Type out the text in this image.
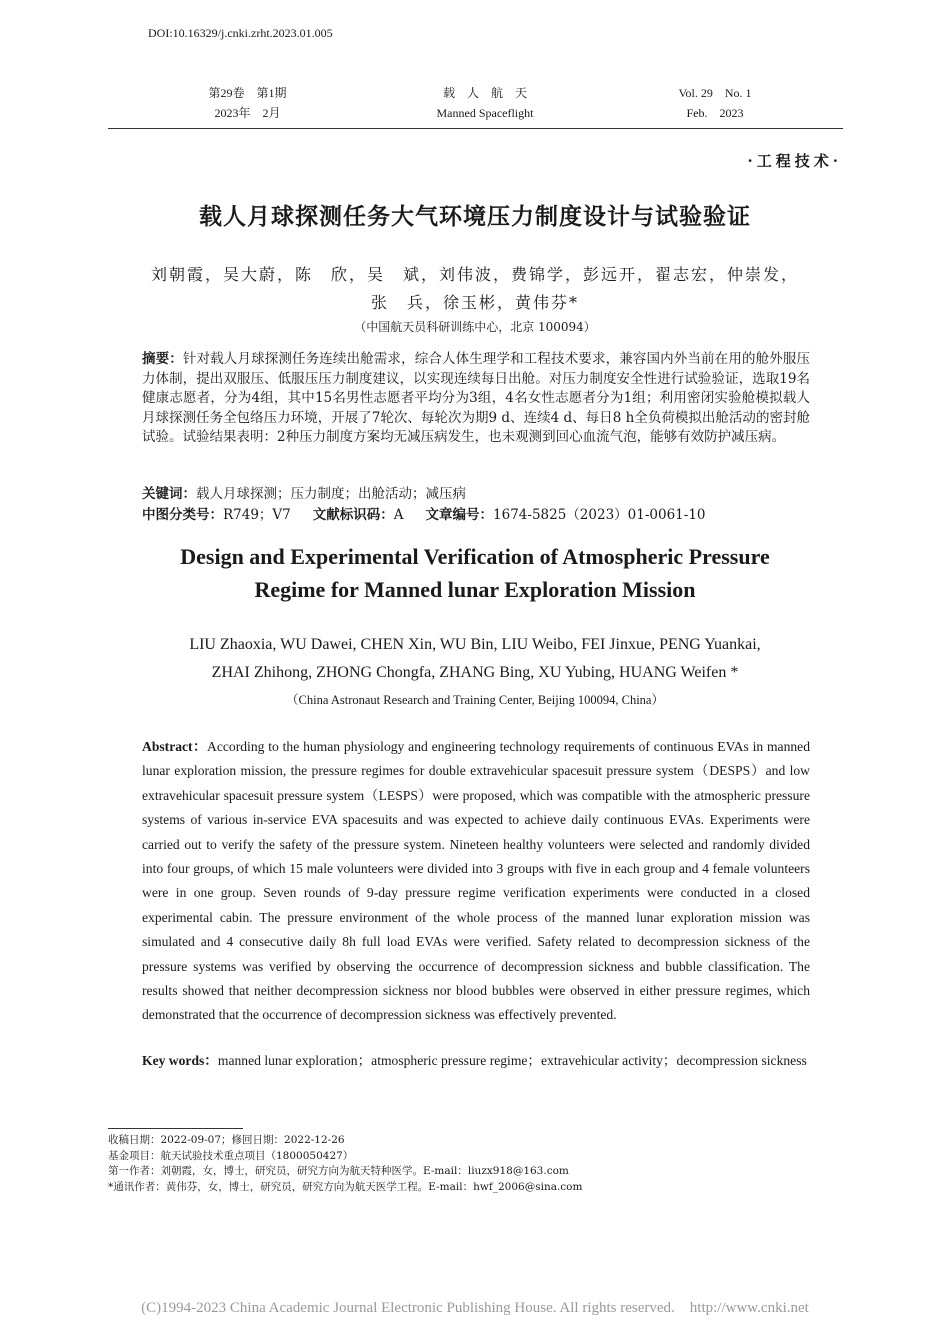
DOI:10.16329/j.cnki.zrht.2023.01.005
第29卷　第1期
2023年　2月
载　人　航　天
Manned Spaceflight
Vol. 29　No. 1
Feb.　2023
·工程技术·
载人月球探测任务大气环境压力制度设计与试验验证
刘朝霞，吴大蔚，陈　欣，吴　斌，刘伟波，费锦学，彭远开，翟志宏，仲崇发，
张　兵，徐玉彬，黄伟芬*
（中国航天员科研训练中心，北京 100094）
摘要：针对载人月球探测任务连续出舱需求，综合人体生理学和工程技术要求，兼容国内外当前在用的舱外服压力体制，提出双服压、低服压压力制度建议，以实现连续每日出舱。对压力制度安全性进行试验验证，选取19名健康志愿者，分为4组，其中15名男性志愿者平均分为3组，4名女性志愿者分为1组；利用密闭实验舱模拟载人月球探测任务全包络压力环境，开展了7轮次、每轮次为期9 d、连续4 d、每日8 h全负荷模拟出舱活动的密封舱试验。试验结果表明：2种压力制度方案均无减压病发生，也未观测到回心血流气泡，能够有效防护减压病。
关键词：载人月球探测；压力制度；出舱活动；减压病
中图分类号：R749；V7 文献标识码：A 文章编号：1674-5825（2023）01-0061-10
Design and Experimental Verification of Atmospheric Pressure
Regime for Manned lunar Exploration Mission
LIU Zhaoxia, WU Dawei, CHEN Xin, WU Bin, LIU Weibo, FEI Jinxue, PENG Yuankai,
ZHAI Zhihong, ZHONG Chongfa, ZHANG Bing, XU Yubing, HUANG Weifen *
（China Astronaut Research and Training Center, Beijing 100094, China）
Abstract：According to the human physiology and engineering technology requirements of continuous EVAs in manned lunar exploration mission, the pressure regimes for double extravehicular spacesuit pressure system（DESPS）and low extravehicular spacesuit pressure system（LESPS）were proposed, which was compatible with the atmospheric pressure systems of various in-service EVA spacesuits and was expected to achieve daily continuous EVAs. Experiments were carried out to verify the safety of the pressure system. Nineteen healthy volunteers were selected and randomly divided into four groups, of which 15 male volunteers were divided into 3 groups with five in each group and 4 female volunteers were in one group. Seven rounds of 9-day pressure regime verification experiments were conducted in a closed experimental cabin. The pressure environment of the whole process of the manned lunar exploration mission was simulated and 4 consecutive daily 8h full load EVAs were verified. Safety related to decompression sickness of the pressure systems was verified by observing the occurrence of decompression sickness and bubble classification. The results showed that neither decompression sickness nor blood bubbles were observed in either pressure regimes, which demonstrated that the occurrence of decompression sickness was effectively prevented.
Key words：manned lunar exploration；atmospheric pressure regime；extravehicular activity；decompression sickness
收稿日期：2022-09-07；修回日期：2022-12-26
基金项目：航天试验技术重点项目（1800050427）
第一作者：刘朝霞，女，博士，研究员，研究方向为航天特种医学。E-mail：liuzx918@163.com
*通讯作者：黄伟芬，女，博士，研究员，研究方向为航天医学工程。E-mail：hwf_2006@sina.com
(C)1994-2023 China Academic Journal Electronic Publishing House. All rights reserved.　http://www.cnki.net
